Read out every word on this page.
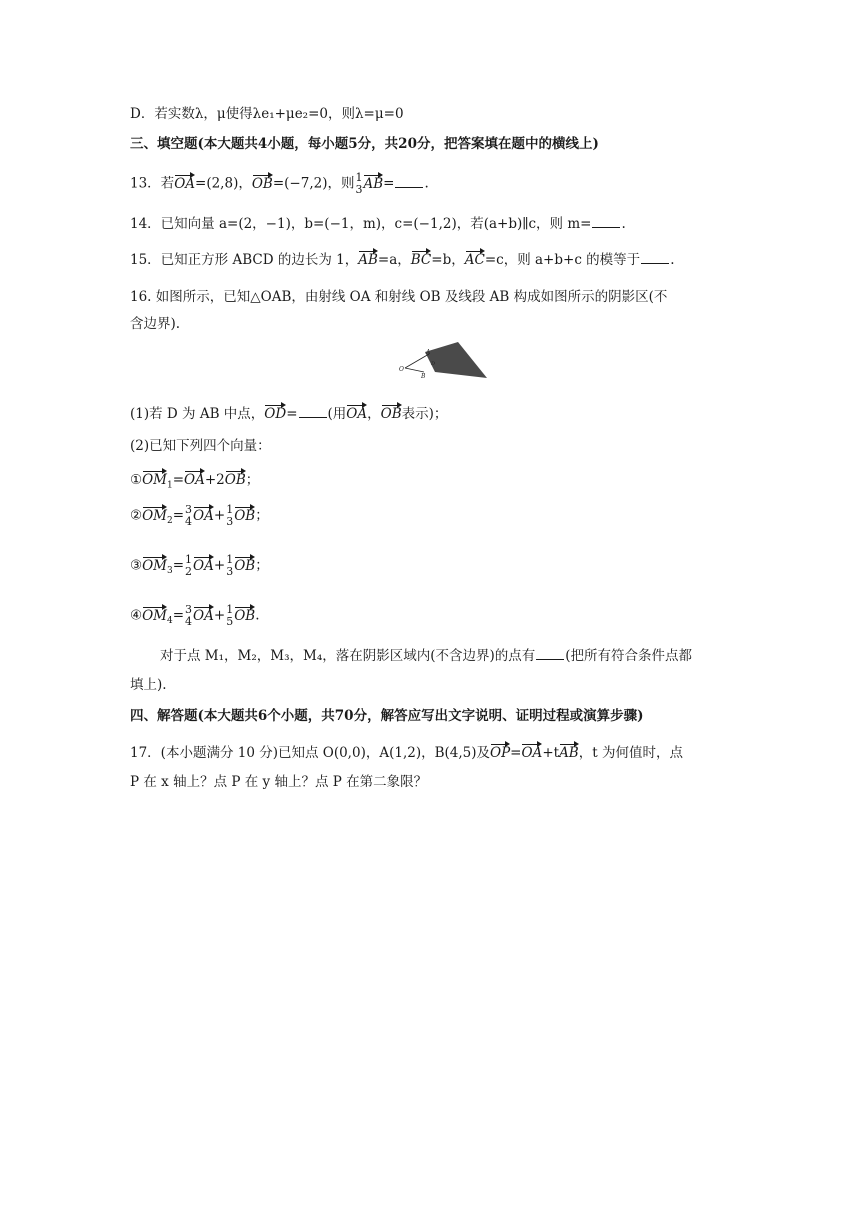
D．若实数λ，μ使得λe₁+μe₂=0，则λ=μ=0
三、填空题(本大题共4小题，每小题5分，共20分，把答案填在题中的横线上)
13．若OA=(2,8)，OB=(−7,2)，则 1
3 AB= .
14．已知向量 a=(2，−1)，b=(−1，m)，c=(−1,2)，若(a+b)∥c，则 m= .
15．已知正方形 ABCD 的边长为 1，AB=a，BC=b，AC=c，则 a+b+c 的模等于 .
16. 如图所示，已知△OAB，由射线 OA 和射线 OB 及线段 AB 构成如图所示的阴影区(不
含边界).
O
A
B
D
(1)若 D 为 AB 中点，OD= (用OA，OB表示)；
(2)已知下列四个向量：
$①OM_1=OA+2OB$；
$②OM_2= 3$
4 OA+ 1
3 OB；
$③OM_3= 1$
2 OA+ 1
3 OB；
$④OM_4= 3$
4 OA+ 1
5 OB.
对于点 M₁，M₂，M₃，M₄，落在阴影区域内(不含边界)的点有 (把所有符合条件点都
填上).
四、解答题(本大题共6个小题，共70分，解答应写出文字说明、证明过程或演算步骤)
17．(本小题满分 10 分)已知点 O(0,0)，A(1,2)，B(4,5)及OP=OA+tAB，t 为何值时，点
P 在 x 轴上？点 P 在 y 轴上？点 P 在第二象限？
